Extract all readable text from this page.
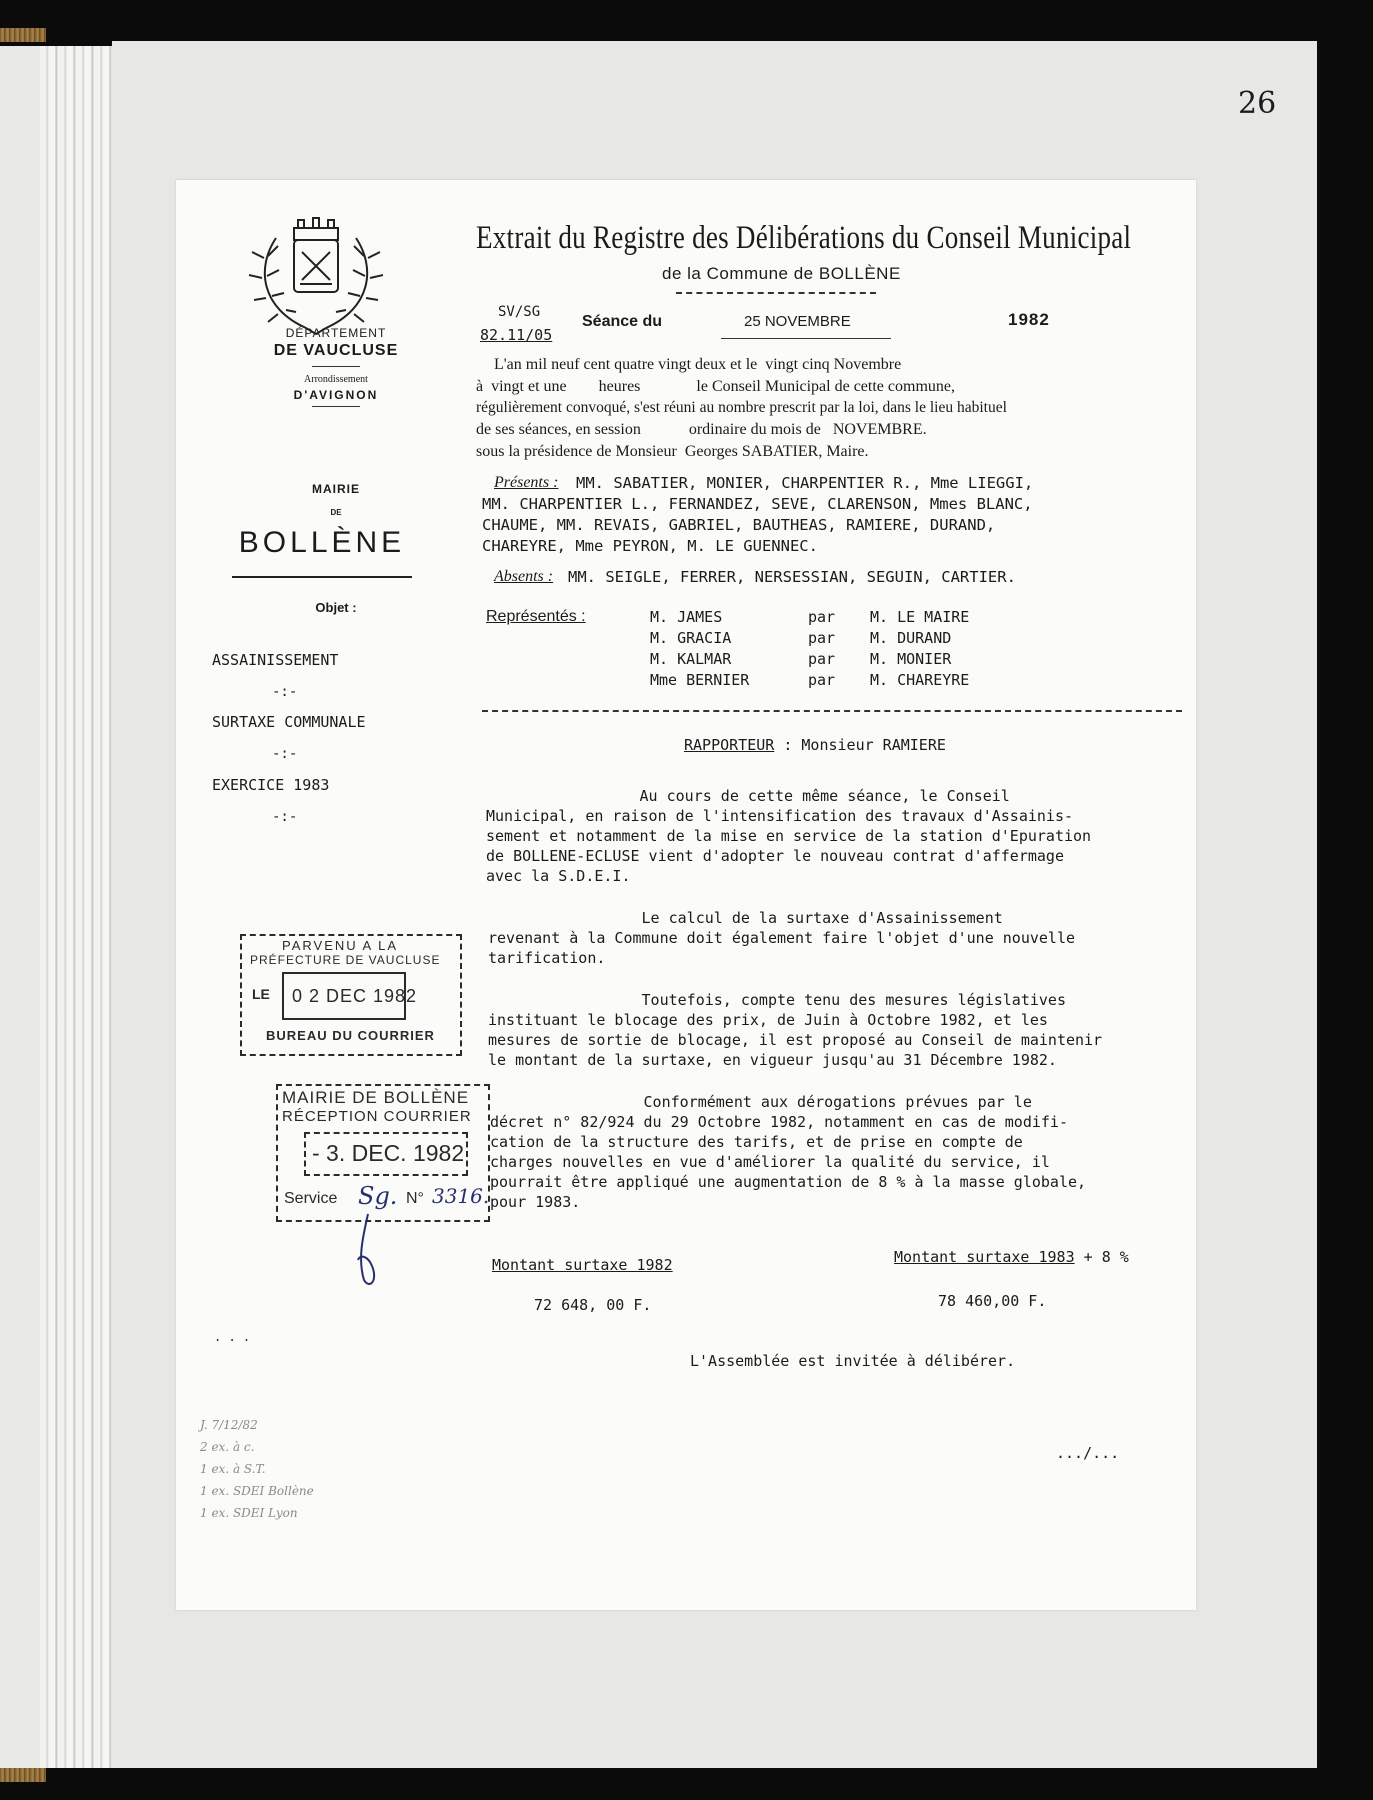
26
DÉPARTEMENT
DE VAUCLUSE
Arrondissement
D'AVIGNON
MAIRIE
DE
BOLLÈNE
Objet :
ASSAINISSEMENT
-:-
SURTAXE COMMUNALE
-:-
EXERCICE 1983
-:-
. . .
Extrait du Registre des Délibérations du Conseil Municipal
de la Commune de BOLLÈNE
SV/SG
82.11/05
Séance du	25 NOVEMBRE	1982
L'an mil neuf cent quatre vingt deux et le  vingt cinq Novembre
à  vingt et une        heures              le Conseil Municipal de cette commune,
régulièrement convoqué, s'est réuni au nombre prescrit par la loi, dans le lieu habituel
de ses séances, en session            ordinaire du mois de   NOVEMBRE.
sous la présidence de Monsieur  Georges SABATIER, Maire.
Présents : MM. SABATIER, MONIER, CHARPENTIER R., Mme LIEGGI,
MM. CHARPENTIER L., FERNANDEZ, SEVE, CLARENSON, Mmes BLANC,
CHAUME, MM. REVAIS, GABRIEL, BAUTHEAS, RAMIERE, DURAND,
CHAREYRE, Mme PEYRON, M. LE GUENNEC.
Absents : MM. SEIGLE, FERRER, NERSESSIAN, SEGUIN, CARTIER.
Représentés :	M. JAMES	par M. LE MAIRE
M. GRACIA	par M. DURAND
M. KALMAR	par M. MONIER
Mme BERNIER	par M. CHAREYRE
RAPPORTEUR : Monsieur RAMIERE
Au cours de cette même séance, le Conseil
Municipal, en raison de l'intensification des travaux d'Assainis-
sement et notamment de la mise en service de la station d'Epuration
de BOLLENE-ECLUSE vient d'adopter le nouveau contrat d'affermage
avec la S.D.E.I.
Le calcul de la surtaxe d'Assainissement
revenant à la Commune doit également faire l'objet d'une nouvelle
tarification.
Toutefois, compte tenu des mesures législatives
instituant le blocage des prix, de Juin à Octobre 1982, et les
mesures de sortie de blocage, il est proposé au Conseil de maintenir
le montant de la surtaxe, en vigueur jusqu'au 31 Décembre 1982.
Conformément aux dérogations prévues par le
décret n° 82/924 du 29 Octobre 1982, notamment en cas de modifi-
cation de la structure des tarifs, et de prise en compte de
charges nouvelles en vue d'améliorer la qualité du service, il
pourrait être appliqué une augmentation de 8 % à la masse globale,
pour 1983.
Montant surtaxe 1982
72 648, 00 F.
Montant surtaxe 1983 + 8 %
78 460,00 F.
L'Assemblée est invitée à délibérer.
.../...
PARVENU A LA
PRÉFECTURE DE VAUCLUSE
LE 0 2 DEC 1982
BUREAU DU COURRIER
MAIRIE DE BOLLÈNE
RÉCEPTION COURRIER
- 3. DEC. 1982
Service Sg. N° 3316.
J. 7/12/82
2 ex. à c.
1 ex. à S.T.
1 ex. SDEI Bollène
1 ex. SDEI Lyon
